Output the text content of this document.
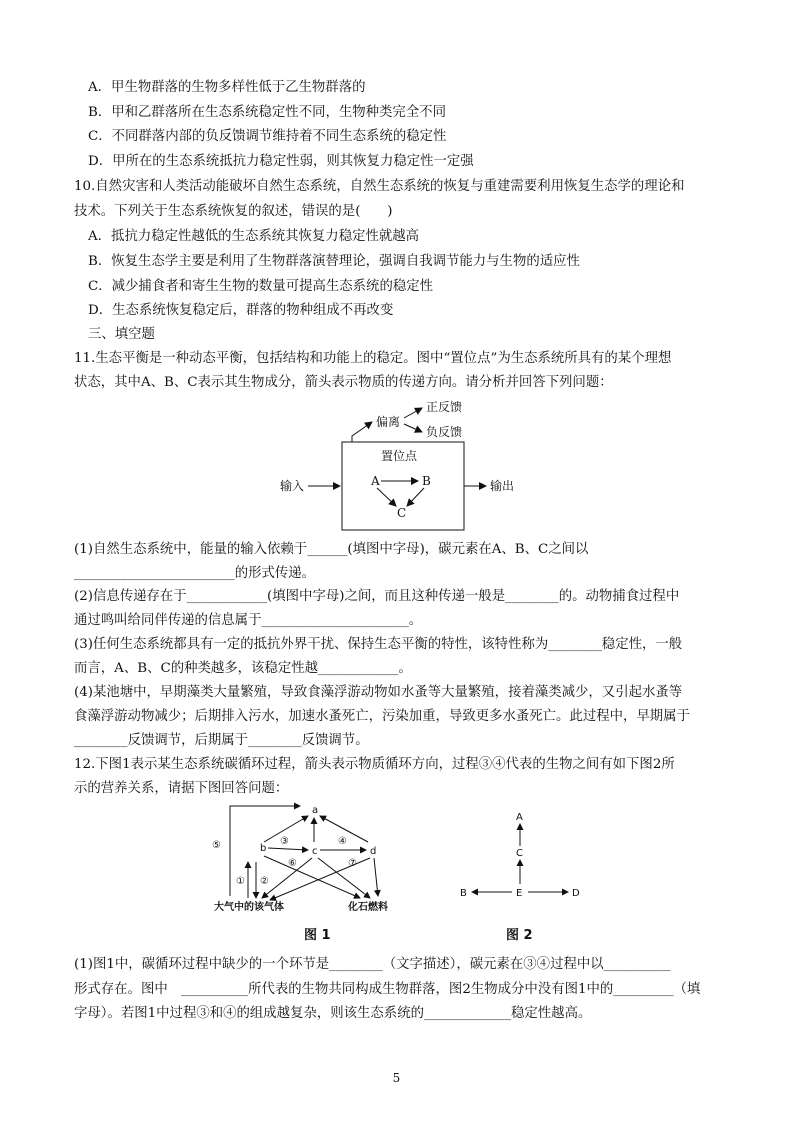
A．甲生物群落的生物多样性低于乙生物群落的
B．甲和乙群落所在生态系统稳定性不同，生物种类完全不同
C．不同群落内部的负反馈调节维持着不同生态系统的稳定性
D．甲所在的生态系统抵抗力稳定性弱，则其恢复力稳定性一定强
10.自然灾害和人类活动能破坏自然生态系统，自然生态系统的恢复与重建需要利用恢复生态学的理论和
技术。下列关于生态系统恢复的叙述，错误的是(　　)
A．抵抗力稳定性越低的生态系统其恢复力稳定性就越高
B．恢复生态学主要是利用了生物群落演替理论，强调自我调节能力与生物的适应性
C．减少捕食者和寄生生物的数量可提高生态系统的稳定性
D．生态系统恢复稳定后，群落的物种组成不再改变
三、填空题
11.生态平衡是一种动态平衡，包括结构和功能上的稳定。图中“置位点”为生态系统所具有的某个理想
状态，其中A、B、C表示其生物成分，箭头表示物质的传递方向。请分析并回答下列问题：
偏离
正反馈
负反馈
置位点
输入	输出
A	B
C
(1)自然生态系统中，能量的输入依赖于______(填图中字母)，碳元素在A、B、C之间以
________________________的形式传递。
(2)信息传递存在于____________(填图中字母)之间，而且这种传递一般是________的。动物捕食过程中
通过鸣叫给同伴传递的信息属于______________________。
(3)任何生态系统都具有一定的抵抗外界干扰、保持生态平衡的特性，该特性称为________稳定性，一般
而言，A、B、C的种类越多，该稳定性越____________。
(4)某池塘中，早期藻类大量繁殖，导致食藻浮游动物如水蚤等大量繁殖，接着藻类减少，又引起水蚤等
食藻浮游动物减少；后期排入污水，加速水蚤死亡，污染加重，导致更多水蚤死亡。此过程中，早期属于
________反馈调节，后期属于________反馈调节。
12.下图1表示某生态系统碳循环过程，箭头表示物质循环方向，过程③④代表的生物之间有如下图2所
示的营养关系，请据下图回答问题：
a
b	c	d
大气中的该气体	化石燃料
⑤
① ②
③	④
⑥	⑦
图 1
A
C
E
B	D
图 2
(1)图1中，碳循环过程中缺少的一个环节是________（文字描述），碳元素在③④过程中以__________
形式存在。图中　__________所代表的生物共同构成生物群落，图2生物成分中没有图1中的_________（填
字母）。若图1中过程③和④的组成越复杂，则该生态系统的_____________稳定性越高。
5
